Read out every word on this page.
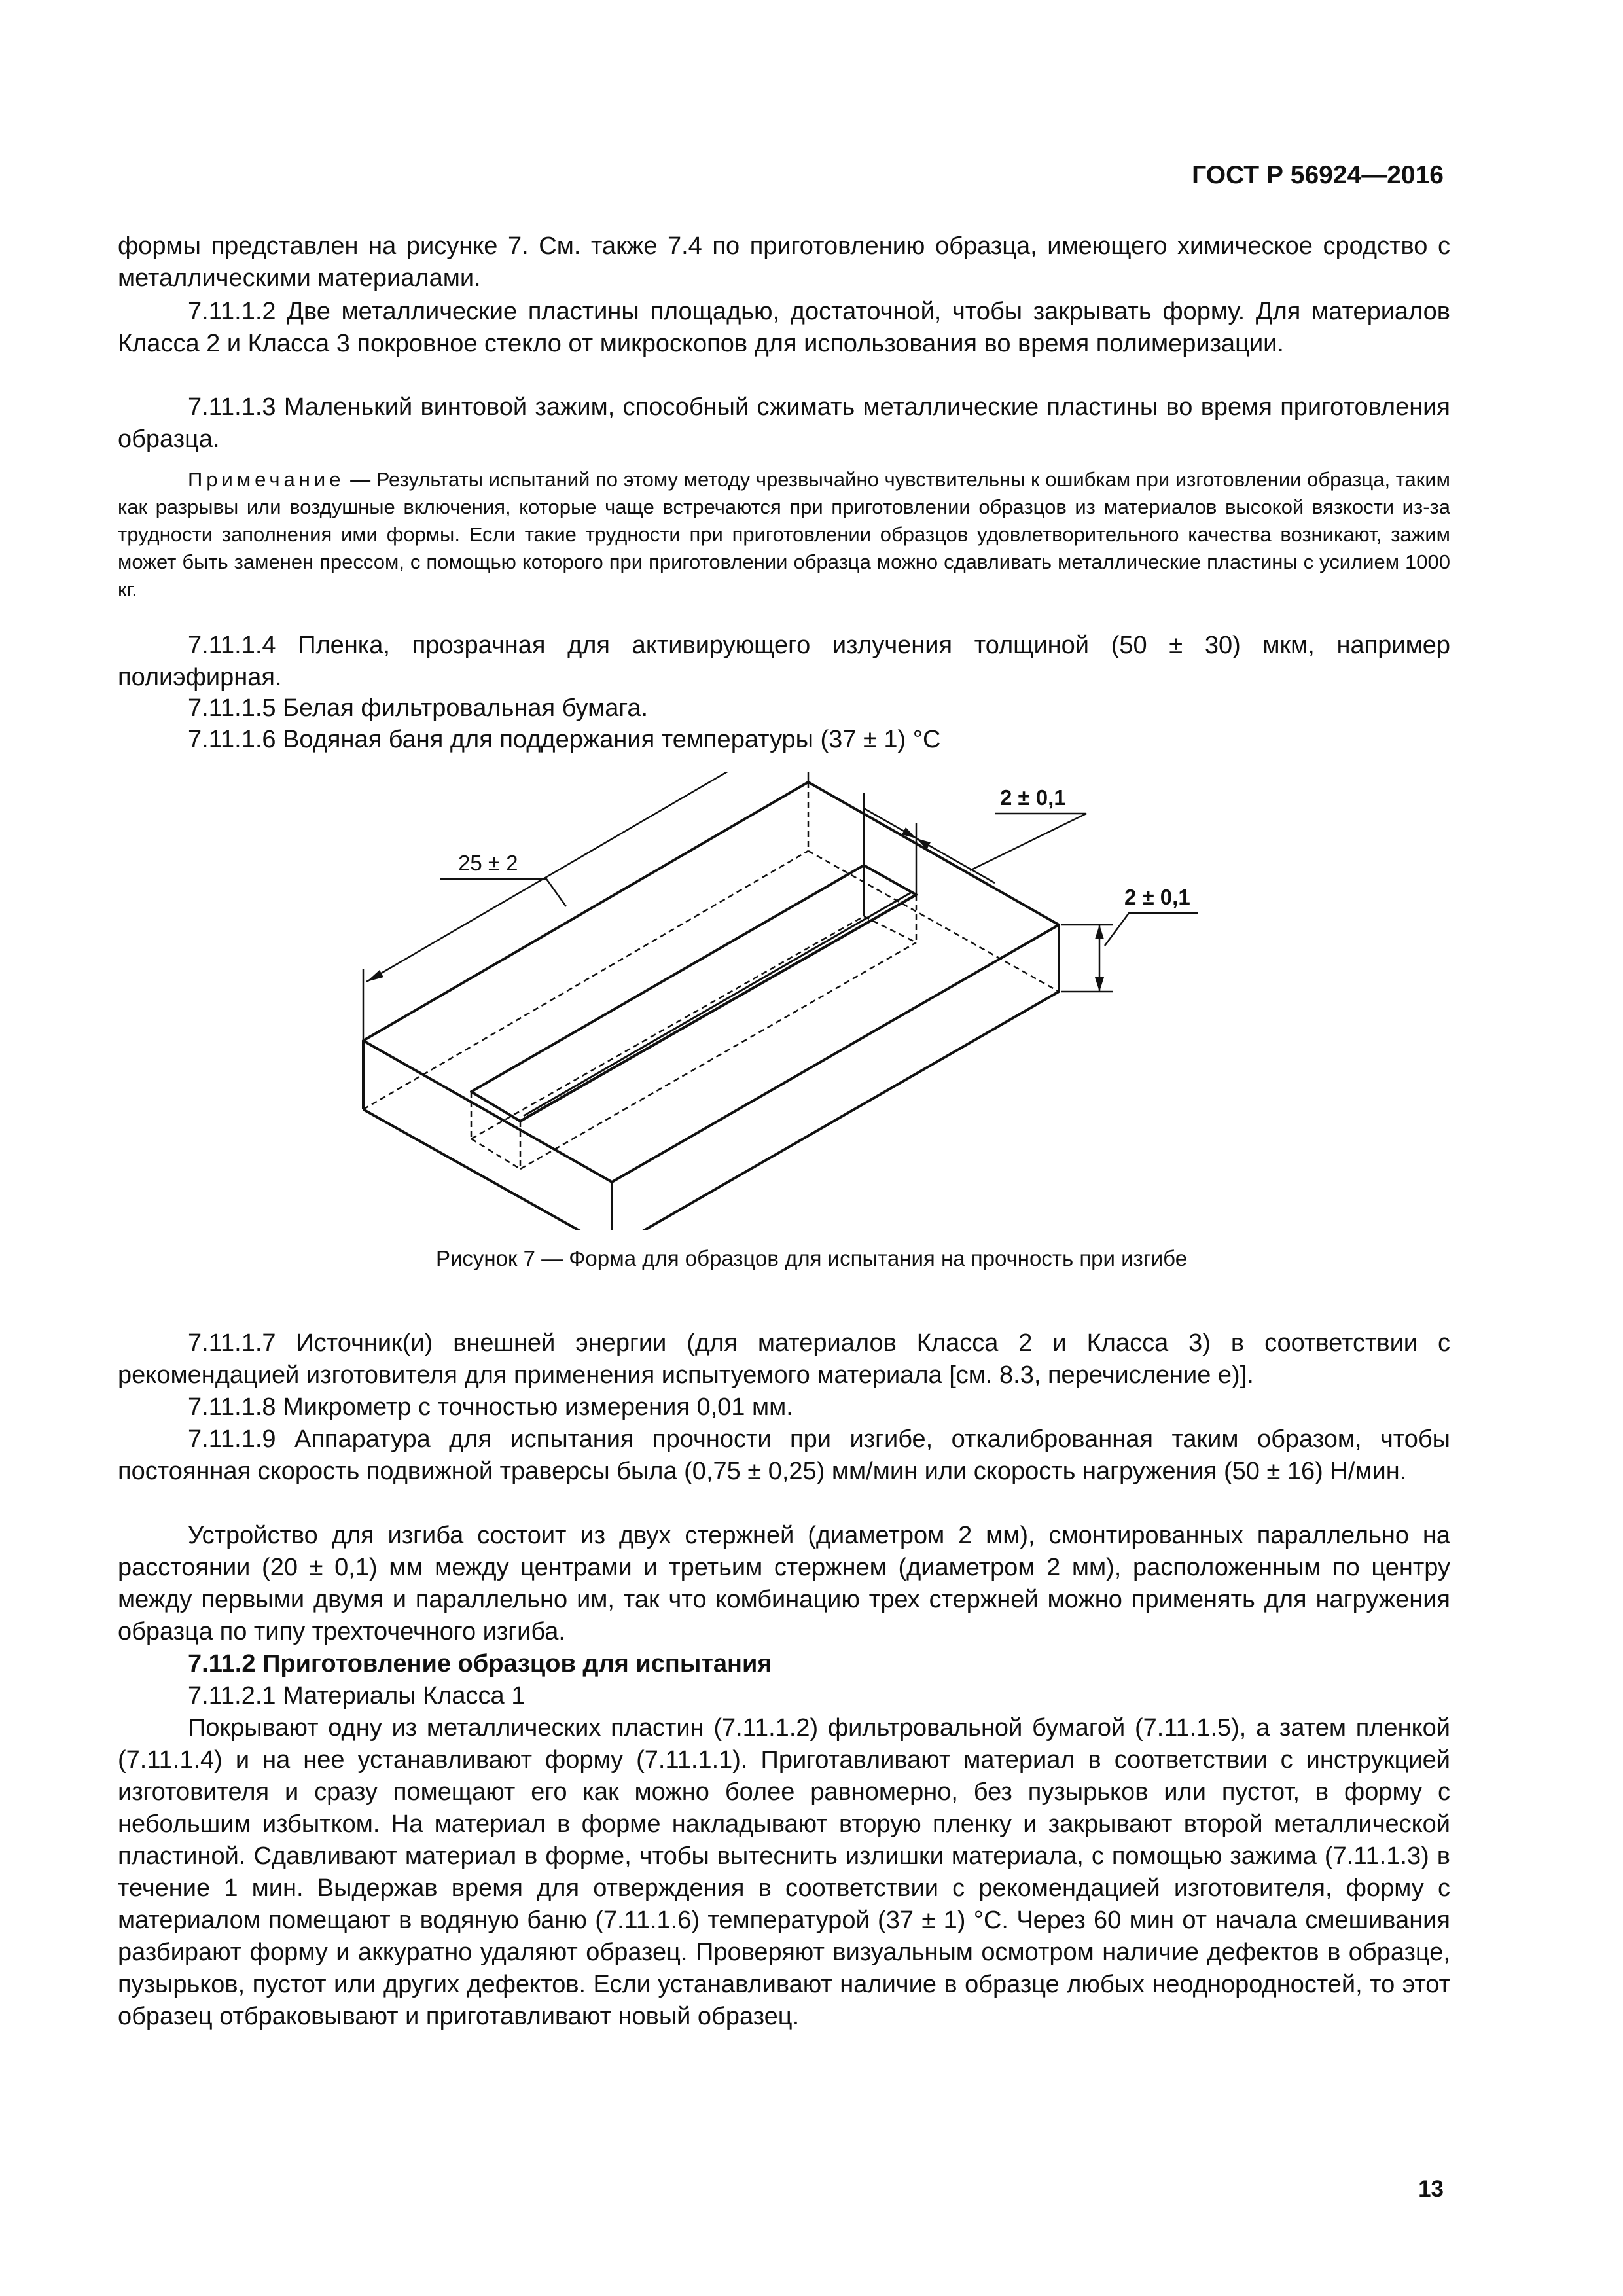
ГОСТ Р 56924—2016
формы представлен на рисунке 7. См. также 7.4 по приготовлению образца, имеющего химическое сродство с металлическими материалами.
7.11.1.2 Две металлические пластины площадью, достаточной, чтобы закрывать форму. Для материалов Класса 2 и Класса 3 покровное стекло от микроскопов для использования во время полимеризации.
7.11.1.3 Маленький винтовой зажим, способный сжимать металлические пластины во время приготовления образца.
Примечание — Результаты испытаний по этому методу чрезвычайно чувствительны к ошибкам при изготовлении образца, таким как разрывы или воздушные включения, которые чаще встречаются при приготовлении образцов из материалов высокой вязкости из-за трудности заполнения ими формы. Если такие трудности при приготовлении образцов удовлетворительного качества возникают, зажим может быть заменен прессом, с помощью которого при приготовлении образца можно сдавливать металлические пластины с усилием 1000 кг.
7.11.1.4 Пленка, прозрачная для активирующего излучения толщиной (50 ± 30) мкм, например полиэфирная.
7.11.1.5 Белая фильтровальная бумага.
7.11.1.6 Водяная баня для поддержания температуры (37 ± 1) °С
25 ± 2
2 ± 0,1
2 ± 0,1
Рисунок 7 — Форма для образцов для испытания на прочность при изгибе
7.11.1.7 Источник(и) внешней энергии (для материалов Класса 2 и Класса 3) в соответствии с рекомендацией изготовителя для применения испытуемого материала [см. 8.3, перечисление е)].
7.11.1.8 Микрометр с точностью измерения 0,01 мм.
7.11.1.9 Аппаратура для испытания прочности при изгибе, откалиброванная таким образом, чтобы постоянная скорость подвижной траверсы была (0,75 ± 0,25) мм/мин или скорость нагружения (50 ± 16) Н/мин.
Устройство для изгиба состоит из двух стержней (диаметром 2 мм), смонтированных параллельно на расстоянии (20 ± 0,1) мм между центрами и третьим стержнем (диаметром 2 мм), расположенным по центру между первыми двумя и параллельно им, так что комбинацию трех стержней можно применять для нагружения образца по типу трехточечного изгиба.
7.11.2 Приготовление образцов для испытания
7.11.2.1 Материалы Класса 1
Покрывают одну из металлических пластин (7.11.1.2) фильтровальной бумагой (7.11.1.5), а затем пленкой (7.11.1.4) и на нее устанавливают форму (7.11.1.1). Приготавливают материал в соответствии с инструкцией изготовителя и сразу помещают его как можно более равномерно, без пузырьков или пустот, в форму с небольшим избытком. На материал в форме накладывают вторую пленку и закрывают второй металлической пластиной. Сдавливают материал в форме, чтобы вытеснить излишки материала, с помощью зажима (7.11.1.3) в течение 1 мин. Выдержав время для отверждения в соответствии с рекомендацией изготовителя, форму с материалом помещают в водяную баню (7.11.1.6) температурой (37 ± 1) °С. Через 60 мин от начала смешивания разбирают форму и аккуратно удаляют образец. Проверяют визуальным осмотром наличие дефектов в образце, пузырьков, пустот или других дефектов. Если устанавливают наличие в образце любых неоднородностей, то этот образец отбраковывают и приготавливают новый образец.
13
